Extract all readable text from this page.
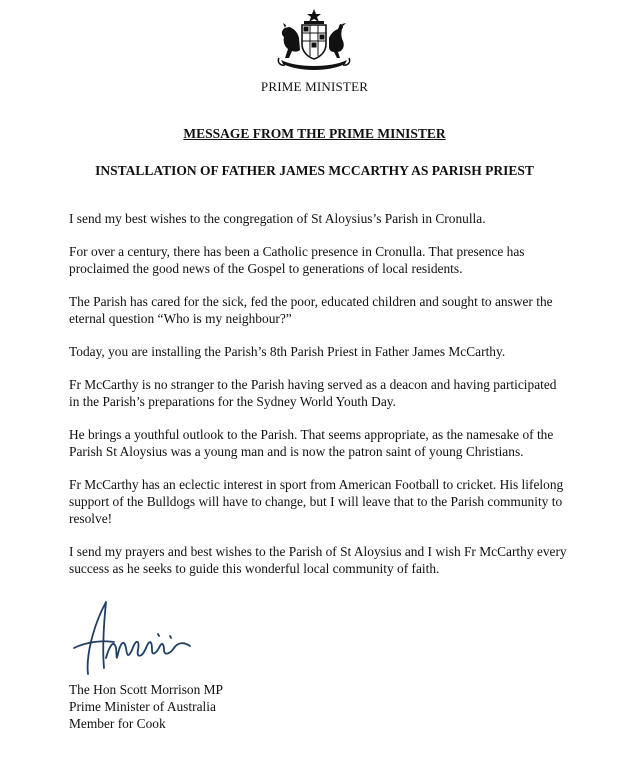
PRIME MINISTER
MESSAGE FROM THE PRIME MINISTER
INSTALLATION OF FATHER JAMES MCCARTHY AS PARISH PRIEST

I send my best wishes to the congregation of St Aloysius’s Parish in Cronulla.

For over a century, there has been a Catholic presence in Cronulla. That presence has proclaimed the good news of the Gospel to generations of local residents.

The Parish has cared for the sick, fed the poor, educated children and sought to answer the eternal question “Who is my neighbour?”

Today, you are installing the Parish’s 8th Parish Priest in Father James McCarthy.

Fr McCarthy is no stranger to the Parish having served as a deacon and having participated in the Parish’s preparations for the Sydney World Youth Day.

He brings a youthful outlook to the Parish. That seems appropriate, as the namesake of the Parish St Aloysius was a young man and is now the patron saint of young Christians.

Fr McCarthy has an eclectic interest in sport from American Football to cricket. His lifelong support of the Bulldogs will have to change, but I will leave that to the Parish community to resolve!

I send my prayers and best wishes to the Parish of St Aloysius and I wish Fr McCarthy every success as he seeks to guide this wonderful local community of faith.

The Hon Scott Morrison MP
Prime Minister of Australia
Member for Cook
